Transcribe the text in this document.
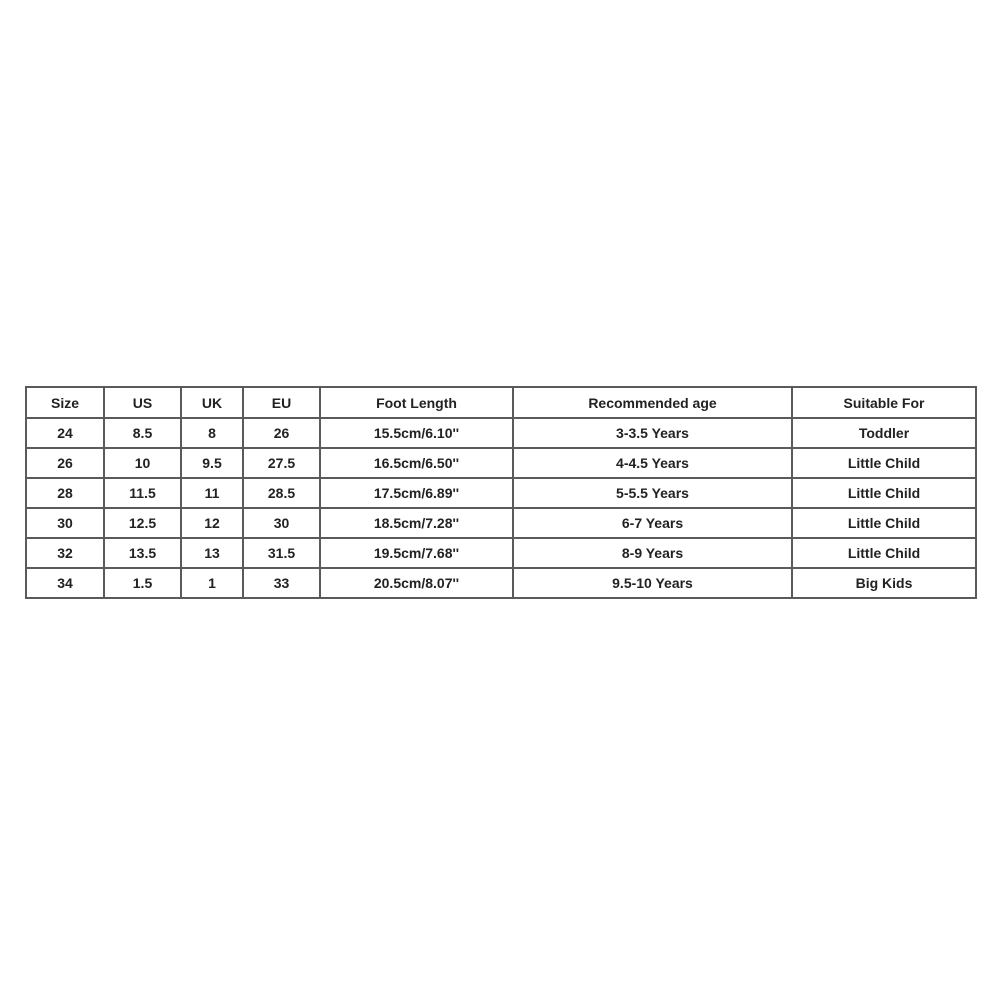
Size	US	UK	EU	Foot Length	Recommended age	Suitable For
24	8.5	8	26	15.5cm/6.10''	3-3.5 Years	Toddler
26	10	9.5	27.5	16.5cm/6.50''	4-4.5 Years	Little Child
28	11.5	11	28.5	17.5cm/6.89''	5-5.5 Years	Little Child
30	12.5	12	30	18.5cm/7.28''	6-7 Years	Little Child
32	13.5	13	31.5	19.5cm/7.68''	8-9 Years	Little Child
34	1.5	1	33	20.5cm/8.07''	9.5-10 Years	Big Kids
